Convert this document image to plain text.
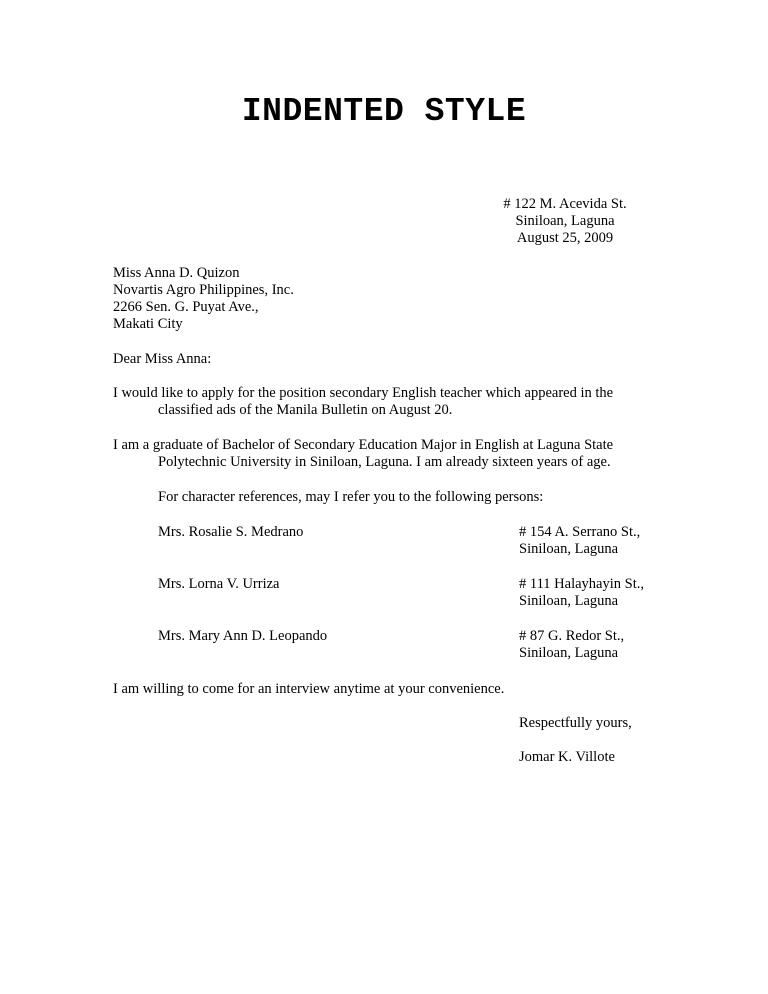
INDENTED STYLE
# 122 M. Acevida St.
Siniloan, Laguna
August 25, 2009
Miss Anna D. Quizon
Novartis Agro Philippines, Inc.
2266 Sen. G. Puyat Ave.,
Makati City
Dear Miss Anna:
I would like to apply for the position secondary English teacher which appeared in the
classified ads of the Manila Bulletin on August 20.
I am a graduate of Bachelor of Secondary Education Major in English at Laguna State
Polytechnic University in Siniloan, Laguna. I am already sixteen years of age.
For character references, may I refer you to the following persons:
Mrs. Rosalie S. Medrano	# 154 A. Serrano St.,
Siniloan, Laguna
Mrs. Lorna V. Urriza	# 111 Halayhayin St.,
Siniloan, Laguna
Mrs. Mary Ann D. Leopando	# 87 G. Redor St.,
Siniloan, Laguna
I am willing to come for an interview anytime at your convenience.
Respectfully yours,
Jomar K. Villote
